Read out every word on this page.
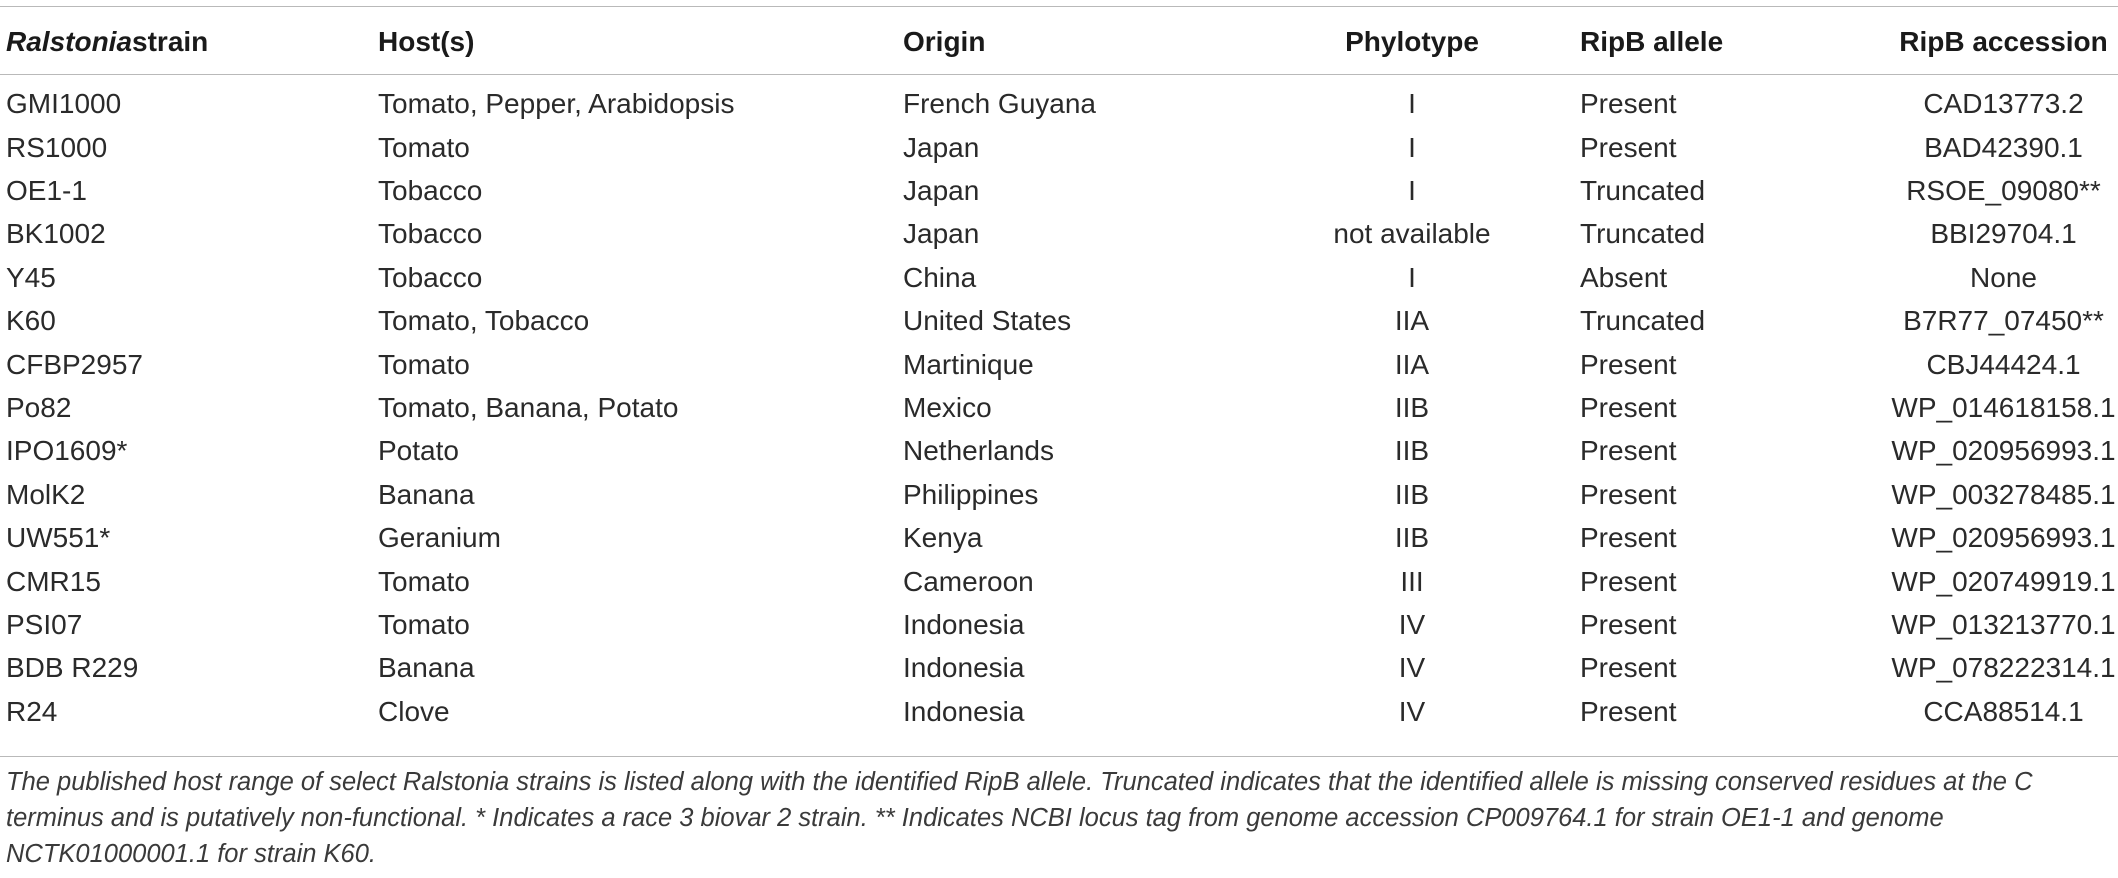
Ralstoniastrain	Host(s)	Origin	Phylotype	RipB allele	RipB accession
GMI1000	Tomato, Pepper, Arabidopsis	French Guyana	I	Present	CAD13773.2
RS1000	Tomato	Japan	I	Present	BAD42390.1
OE1-1	Tobacco	Japan	I	Truncated	RSOE_09080**
BK1002	Tobacco	Japan	not available	Truncated	BBI29704.1
Y45	Tobacco	China	I	Absent	None
K60	Tomato, Tobacco	United States	IIA	Truncated	B7R77_07450**
CFBP2957	Tomato	Martinique	IIA	Present	CBJ44424.1
Po82	Tomato, Banana, Potato	Mexico	IIB	Present	WP_014618158.1
IPO1609*	Potato	Netherlands	IIB	Present	WP_020956993.1
MolK2	Banana	Philippines	IIB	Present	WP_003278485.1
UW551*	Geranium	Kenya	IIB	Present	WP_020956993.1
CMR15	Tomato	Cameroon	III	Present	WP_020749919.1
PSI07	Tomato	Indonesia	IV	Present	WP_013213770.1
BDB R229	Banana	Indonesia	IV	Present	WP_078222314.1
R24	Clove	Indonesia	IV	Present	CCA88514.1
The published host range of select Ralstonia strains is listed along with the identified RipB allele. Truncated indicates that the identified allele is missing conserved residues at the C terminus and is putatively non-functional. * Indicates a race 3 biovar 2 strain. ** Indicates NCBI locus tag from genome accession CP009764.1 for strain OE1-1 and genome NCTK01000001.1 for strain K60.
